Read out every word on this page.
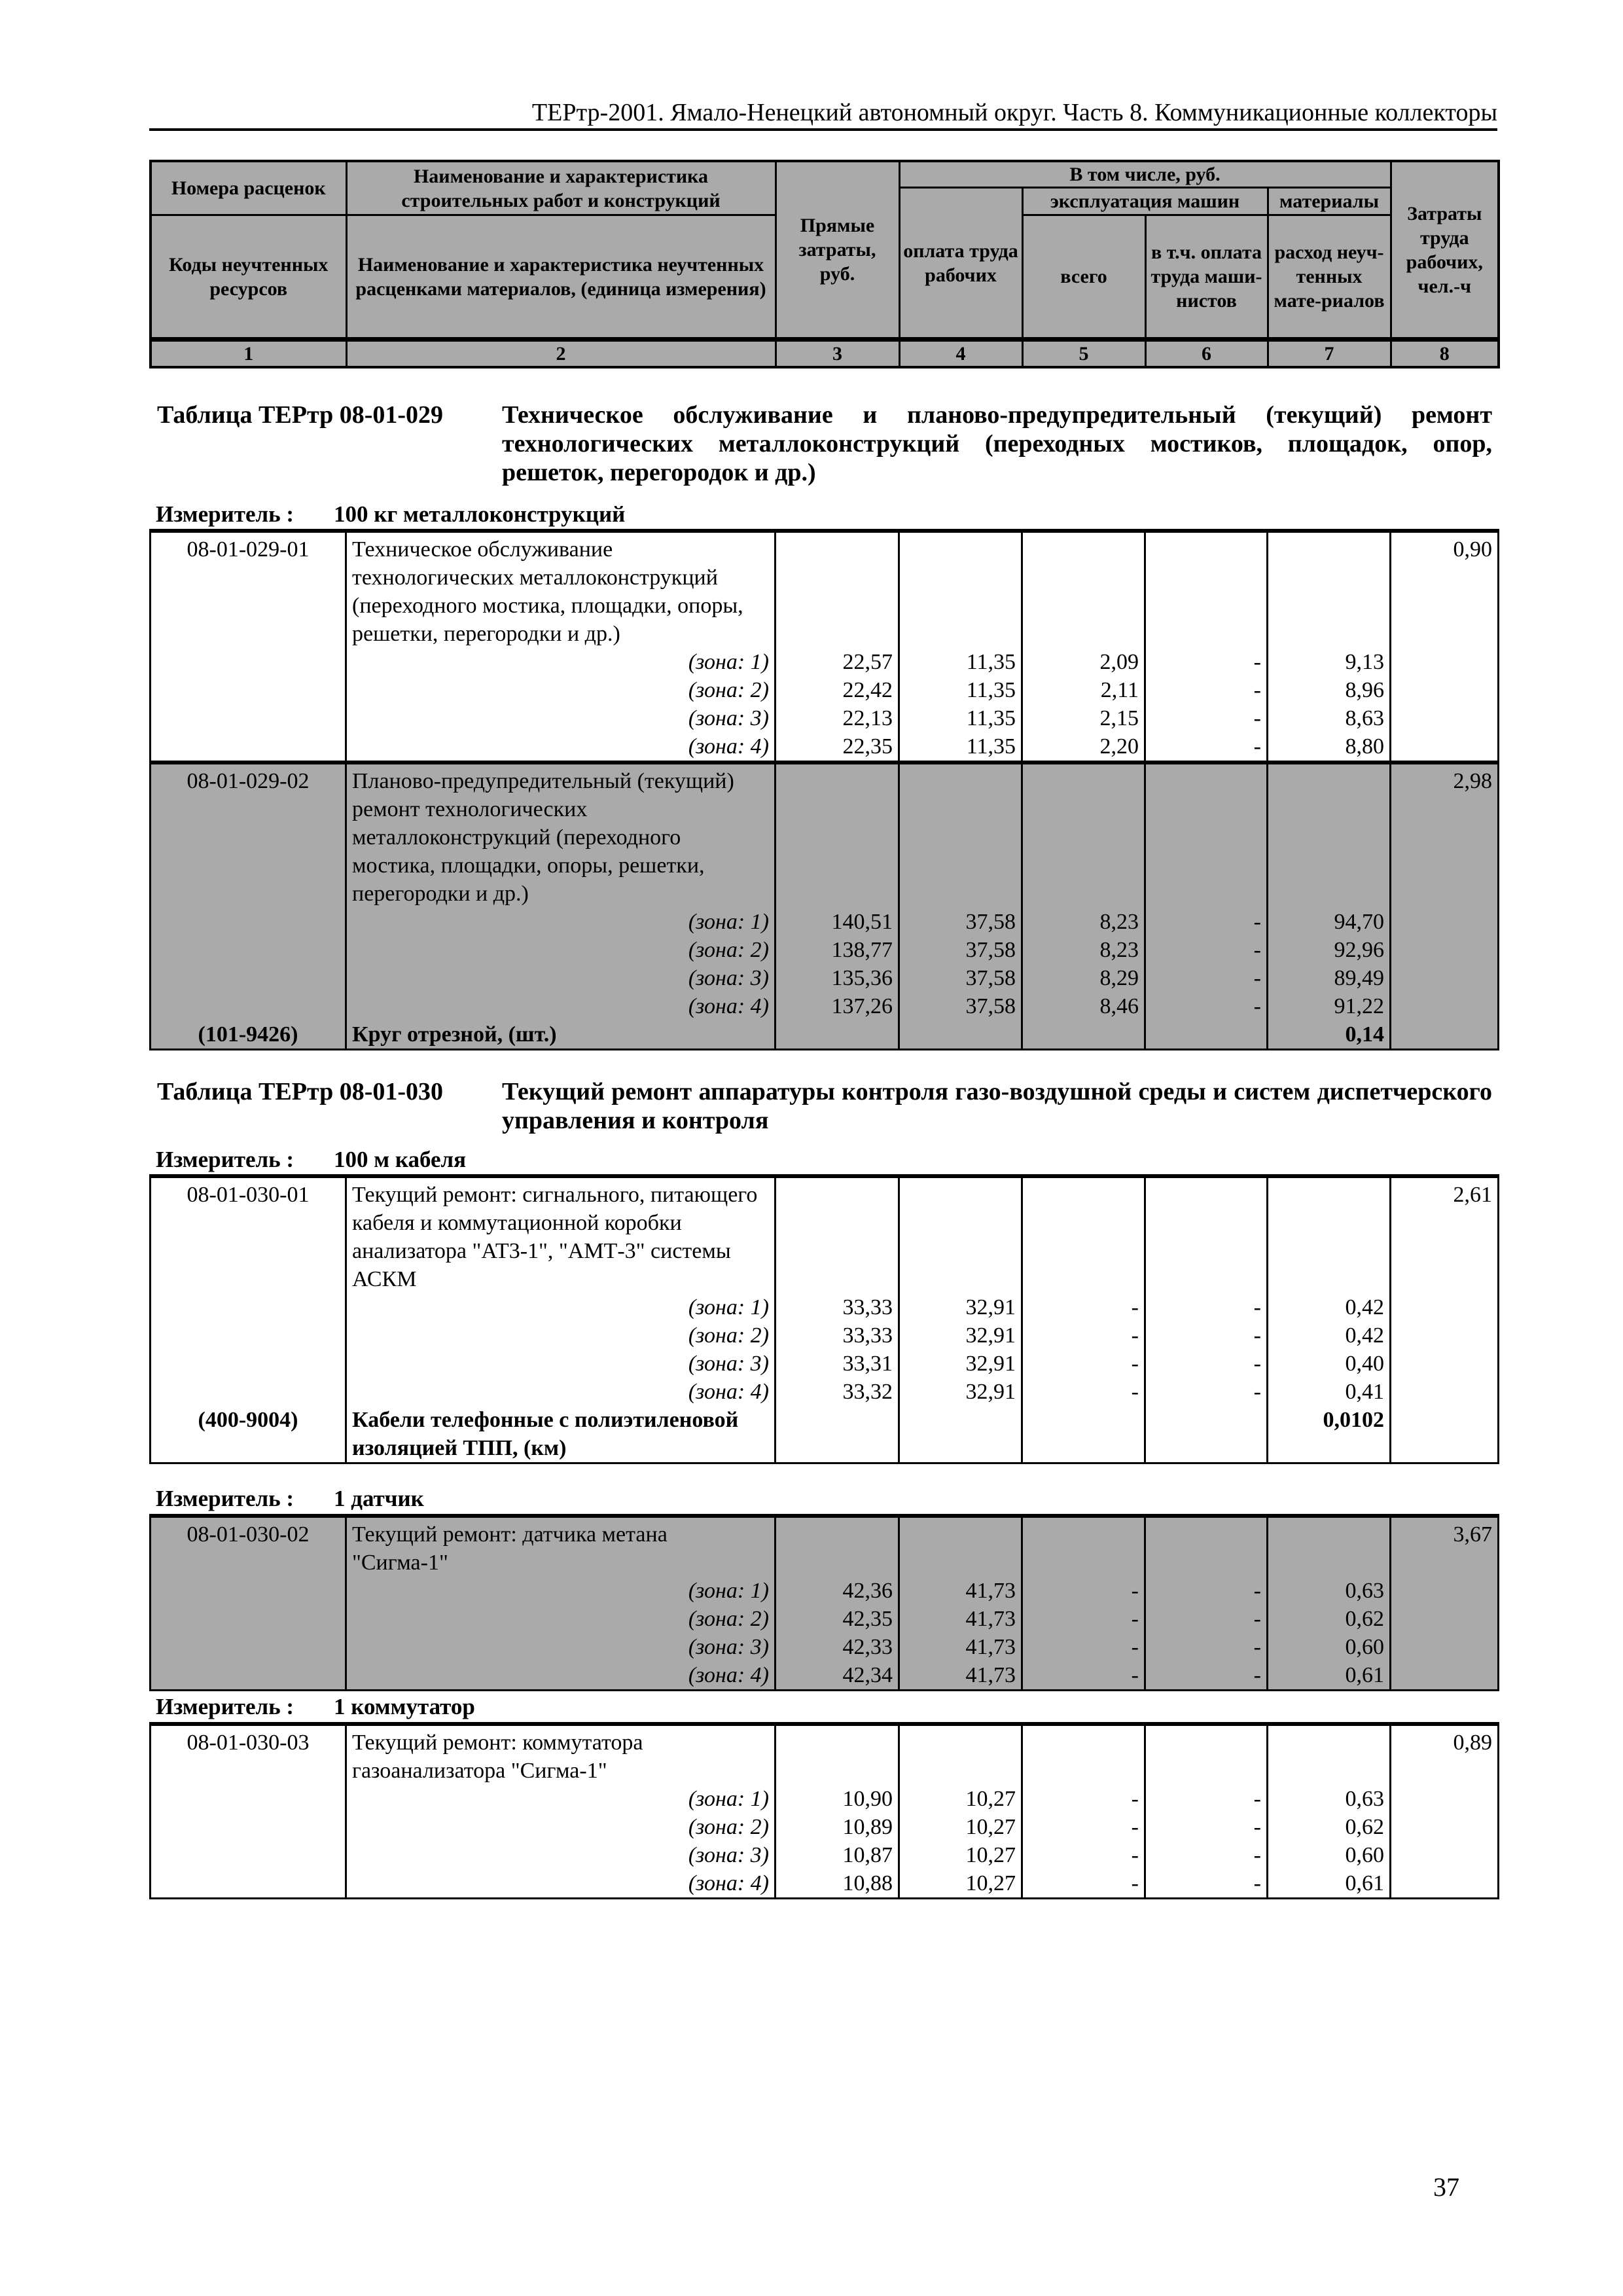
ТЕРтр-2001. Ямало-Ненецкий автономный округ. Часть 8. Коммуникационные коллекторы
Номера расценок	Наименование и характеристика строительных работ и конструкций	Прямые затраты, руб.	В том числе, руб.				Затраты труда рабочих, чел.-ч
			оплата труда рабочих	эксплуатация машин		материалы	
Коды неучтенных ресурсов	Наименование и характеристика неучтенных расценками материалов, (единица измерения)			всего	в т.ч. оплата труда маши-нистов	расход неуч-тенных мате-риалов	
1	2	3	4	5	6	7	8
Таблица ТЕРтр 08-01-029 Техническое обслуживание и планово-предупредительный (текущий) ремонт технологических металлоконструкций (переходных мостиков, площадок, опор, решеток, перегородок и др.)
Измеритель : 100 кг металлоконструкций
08-01-029-01	Техническое обслуживание технологических металлоконструкций (переходного мостика, площадки, опоры, решетки, перегородки и др.)						0,90
	(зона: 1)	22,57	11,35	2,09	-	9,13	
	(зона: 2)	22,42	11,35	2,11	-	8,96	
	(зона: 3)	22,13	11,35	2,15	-	8,63	
	(зона: 4)	22,35	11,35	2,20	-	8,80	
08-01-029-02	Планово-предупредительный (текущий) ремонт технологических металлоконструкций (переходного мостика, площадки, опоры, решетки, перегородки и др.)						2,98
	(зона: 1)	140,51	37,58	8,23	-	94,70	
	(зона: 2)	138,77	37,58	8,23	-	92,96	
	(зона: 3)	135,36	37,58	8,29	-	89,49	
	(зона: 4)	137,26	37,58	8,46	-	91,22	
(101-9426)	Круг отрезной, (шт.)					0,14	
Таблица ТЕРтр 08-01-030 Текущий ремонт аппаратуры контроля газо-воздушной среды и систем диспетчерского управления и контроля
Измеритель : 100 м кабеля
08-01-030-01	Текущий ремонт: сигнального, питающего кабеля и коммутационной коробки анализатора "АТ3-1", "АМТ-3" системы АСКМ						2,61
	(зона: 1)	33,33	32,91	-	-	0,42	
	(зона: 2)	33,33	32,91	-	-	0,42	
	(зона: 3)	33,31	32,91	-	-	0,40	
	(зона: 4)	33,32	32,91	-	-	0,41	
(400-9004)	Кабели телефонные с полиэтиленовой изоляцией ТПП, (км)					0,0102	
Измеритель : 1 датчик
08-01-030-02	Текущий ремонт: датчика метана "Сигма-1"						3,67
	(зона: 1)	42,36	41,73	-	-	0,63	
	(зона: 2)	42,35	41,73	-	-	0,62	
	(зона: 3)	42,33	41,73	-	-	0,60	
	(зона: 4)	42,34	41,73	-	-	0,61	
Измеритель : 1 коммутатор
08-01-030-03	Текущий ремонт: коммутатора газоанализатора "Сигма-1"						0,89
	(зона: 1)	10,90	10,27	-	-	0,63	
	(зона: 2)	10,89	10,27	-	-	0,62	
	(зона: 3)	10,87	10,27	-	-	0,60	
	(зона: 4)	10,88	10,27	-	-	0,61	
37
